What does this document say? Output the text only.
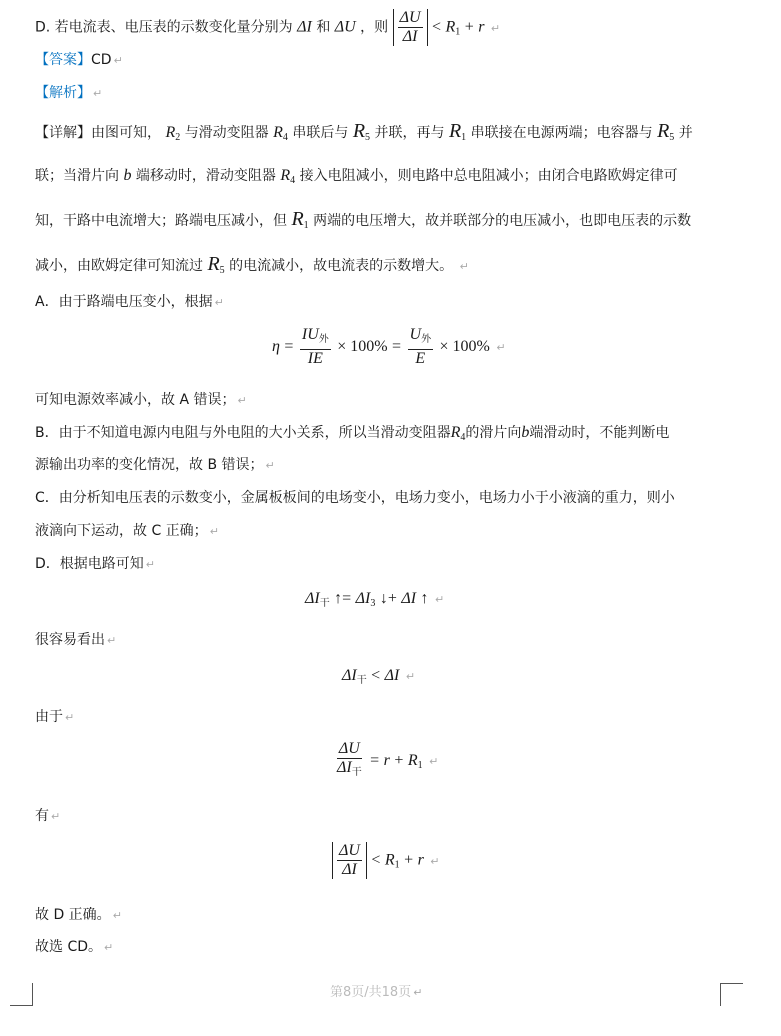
D. 若电流表、电压表的示数变化量分别为 ΔI 和 ΔU ，则 $\frac{\Delta U}{\Delta I} < R_1 + r$ ↵
【答案】CD ↵
【解析】 ↵
【详解】由图可知， $R_2$ 与滑动变阻器 $R_4$ 串联后与 $R_5$ 并联，再与 $R_1$ 串联接在电源两端；电容器与 $R_5$ 并
联；当滑片向 b 端移动时，滑动变阻器 $R_4$ 接入电阻减小，则电路中总电阻减小；由闭合电路欧姆定律可
知，干路中电流增大；路端电压减小，但 $R_1$ 两端的电压增大，故并联部分的电压减小，也即电压表的示数
减小，由欧姆定律可知流过 $R_5$ 的电流减小，故电流表的示数增大。 ↵
A．由于路端电压变小，根据 ↵
$\eta = \frac{IU_外}{IE} \times 100\% = \frac{U_外}{E} \times 100\%$ ↵
可知电源效率减小，故 A 错误； ↵
B．由于不知道电源内电阻与外电阻的大小关系，所以当滑动变阻器$R_4$的滑片向b端滑动时，不能判断电
源输出功率的变化情况，故 B 错误； ↵
C．由分析知电压表的示数变小，金属板板间的电场变小，电场力变小，电场力小于小液滴的重力，则小
液滴向下运动，故 C 正确； ↵
D．根据电路可知 ↵
$\Delta I_干$ ↑= $\Delta I_3$ ↓+ ΔI ↑ ↵
很容易看出 ↵
$\Delta I_干 < \Delta I$ ↵
由于 ↵
$\frac{\Delta U}{\Delta I_干} = r + R_1$ ↵
有 ↵
$\frac{\Delta U}{\Delta I} < R_1 + r$ ↵
故 D 正确。 ↵
故选 CD。 ↵
第8页/共18页 ↵
